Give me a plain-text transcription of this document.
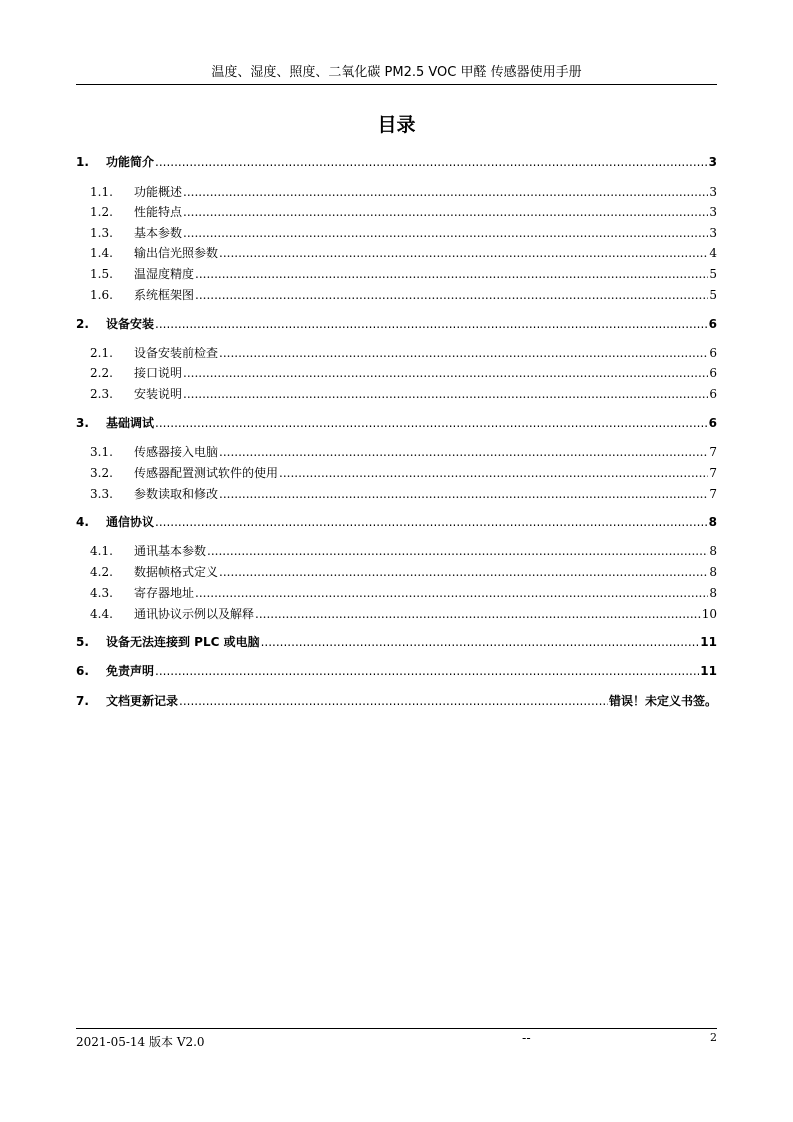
温度、湿度、照度、二氧化碳 PM2.5 VOC 甲醛 传感器使用手册
目录
1.	功能简介 .....	3
1.1.	功能概述 .....	3
1.2.	性能特点 .....	3
1.3.	基本参数 .....	3
1.4.	输出信光照参数 .....	4
1.5.	温湿度精度 .....	5
1.6.	系统框架图 .....	5
2.	设备安装 .....	6
2.1.	设备安装前检查 .....	6
2.2.	接口说明 .....	6
2.3.	安装说明 .....	6
3.	基础调试 .....	6
3.1.	传感器接入电脑 .....	7
3.2.	传感器配置测试软件的使用 .....	7
3.3.	参数读取和修改 .....	7
4.	通信协议 .....	8
4.1.	通讯基本参数 .....	8
4.2.	数据帧格式定义 .....	8
4.3.	寄存器地址 .....	8
4.4.	通讯协议示例以及解释 .....	10
5.	设备无法连接到 PLC 或电脑 .....	11
6.	免责声明 .....	11
7.	文档更新记录 .....	错误！未定义书签。
2021-05-14 版本 V2.0	--	2
